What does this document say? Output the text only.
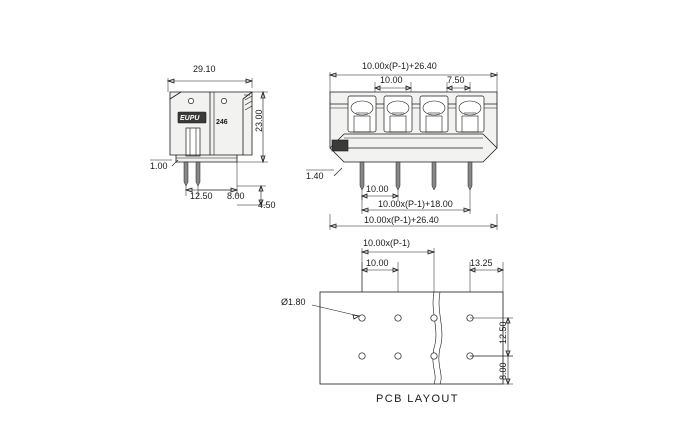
29.10
EUPU
246
1.00
23.00
12.50 8.00
4.50
10.00x(P-1)+26.40
10.00	7.50
1.40
10.00
10.00x(P-1)+18.00
10.00x(P-1)+26.40
10.00x(P-1)
10.00	13.25
Ø1.80
12.50
8.00
PCB LAYOUT
